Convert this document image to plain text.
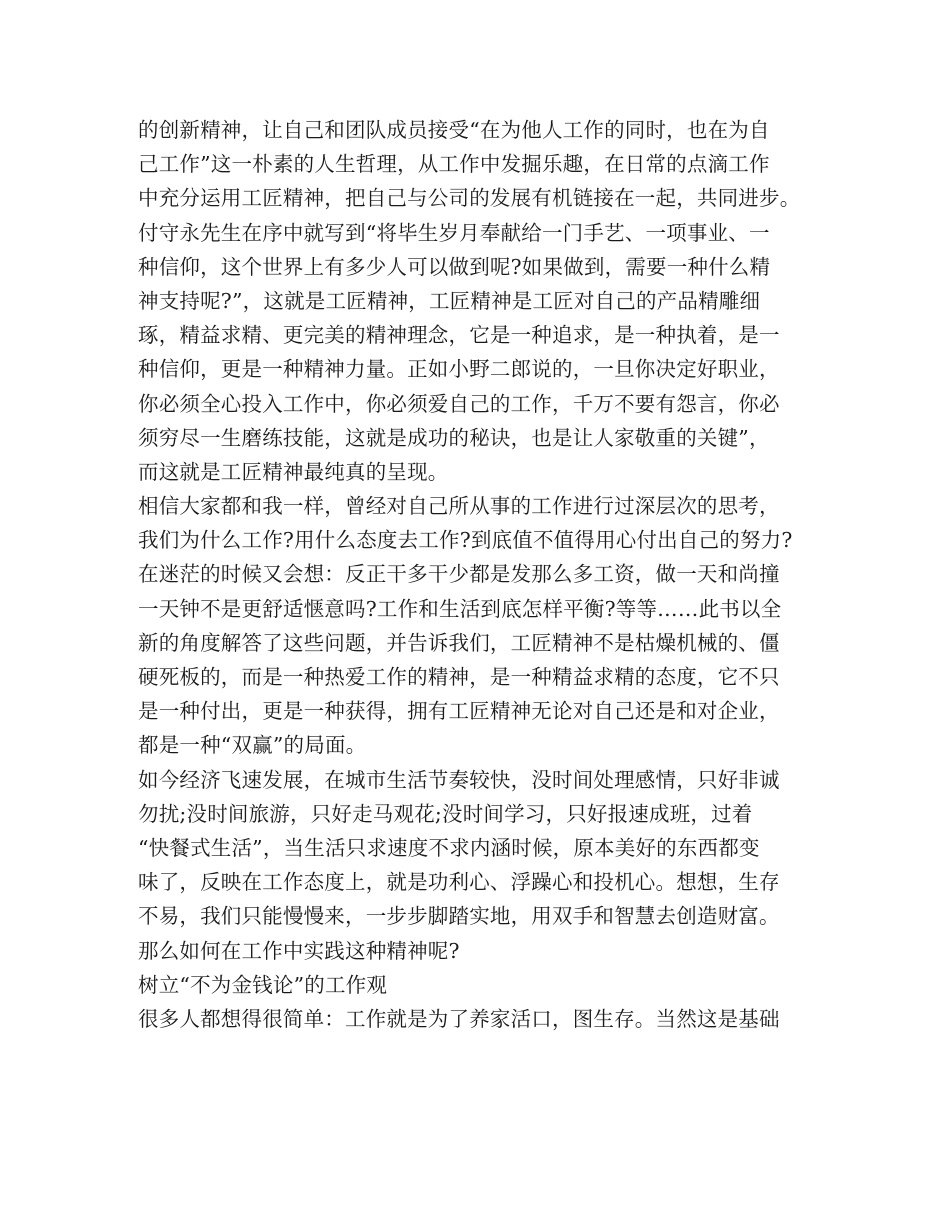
的创新精神，让自己和团队成员接受“在为他人工作的同时，也在为自
己工作”这一朴素的人生哲理，从工作中发掘乐趣，在日常的点滴工作
中充分运用工匠精神，把自己与公司的发展有机链接在一起，共同进步。
付守永先生在序中就写到“将毕生岁月奉献给一门手艺、一项事业、一
种信仰，这个世界上有多少人可以做到呢?如果做到，需要一种什么精
神支持呢?”，这就是工匠精神，工匠精神是工匠对自己的产品精雕细
琢，精益求精、更完美的精神理念，它是一种追求，是一种执着，是一
种信仰，更是一种精神力量。正如小野二郎说的，一旦你决定好职业，
你必须全心投入工作中，你必须爱自己的工作，千万不要有怨言，你必
须穷尽一生磨练技能，这就是成功的秘诀，也是让人家敬重的关键”，
而这就是工匠精神最纯真的呈现。
相信大家都和我一样，曾经对自己所从事的工作进行过深层次的思考，
我们为什么工作?用什么态度去工作?到底值不值得用心付出自己的努力?
在迷茫的时候又会想：反正干多干少都是发那么多工资，做一天和尚撞
一天钟不是更舒适惬意吗?工作和生活到底怎样平衡?等等……此书以全
新的角度解答了这些问题，并告诉我们，工匠精神不是枯燥机械的、僵
硬死板的，而是一种热爱工作的精神，是一种精益求精的态度，它不只
是一种付出，更是一种获得，拥有工匠精神无论对自己还是和对企业，
都是一种“双赢”的局面。
如今经济飞速发展，在城市生活节奏较快，没时间处理感情，只好非诚
勿扰;没时间旅游，只好走马观花;没时间学习，只好报速成班，过着
“快餐式生活”，当生活只求速度不求内涵时候，原本美好的东西都变
味了，反映在工作态度上，就是功利心、浮躁心和投机心。想想，生存
不易，我们只能慢慢来，一步步脚踏实地，用双手和智慧去创造财富。
那么如何在工作中实践这种精神呢?
树立“不为金钱论”的工作观
很多人都想得很简单：工作就是为了养家活口，图生存。当然这是基础
